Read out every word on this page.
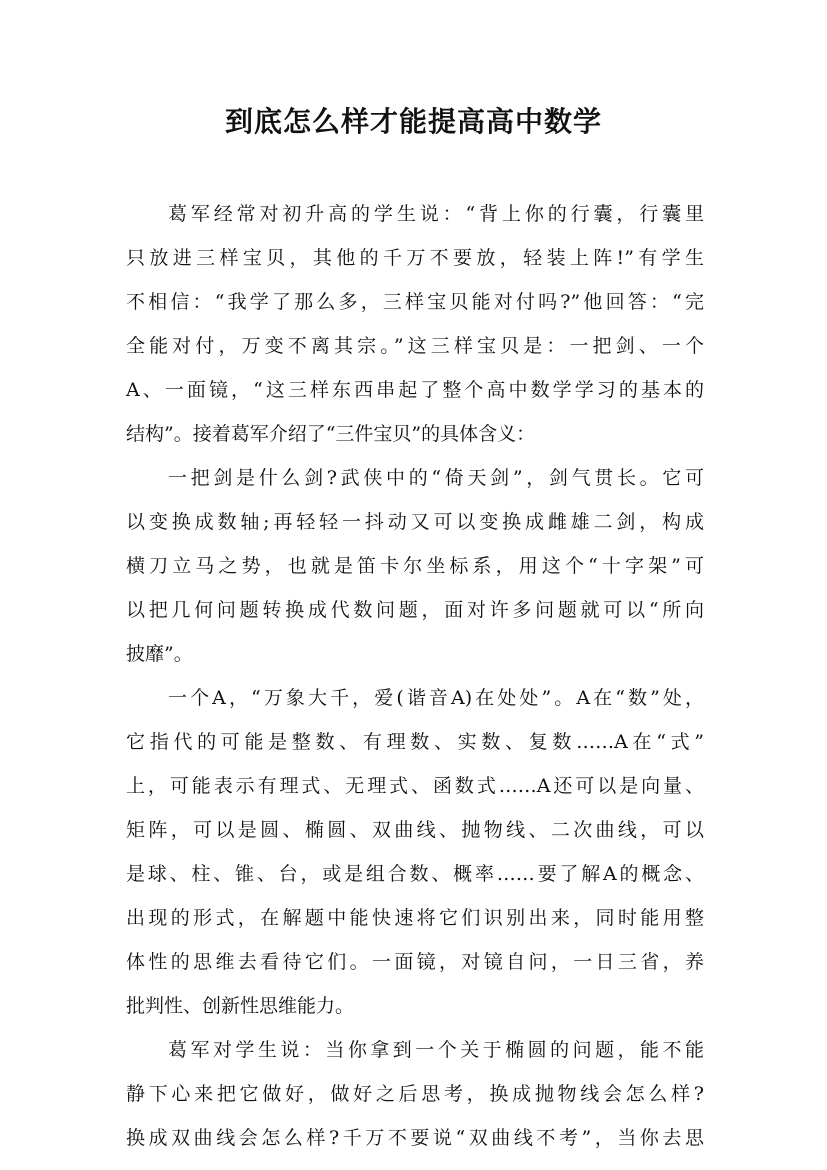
到底怎么样才能提高高中数学
葛军经常对初升高的学生说：“背上你的行囊，行囊里
只放进三样宝贝，其他的千万不要放，轻装上阵!”有学生
不相信：“我学了那么多，三样宝贝能对付吗?”他回答：“完
全能对付，万变不离其宗。”这三样宝贝是：一把剑、一个
A、一面镜，“这三样东西串起了整个高中数学学习的基本的
结构”。接着葛军介绍了“三件宝贝”的具体含义：
一把剑是什么剑?武侠中的“倚天剑”，剑气贯长。它可
以变换成数轴;再轻轻一抖动又可以变换成雌雄二剑，构成
横刀立马之势，也就是笛卡尔坐标系，用这个“十字架”可
以把几何问题转换成代数问题，面对许多问题就可以“所向
披靡”。
一个A，“万象大千，爱(谐音A)在处处”。A在“数”处，
它指代的可能是整数、有理数、实数、复数……A在“式”
上，可能表示有理式、无理式、函数式……A还可以是向量、
矩阵，可以是圆、椭圆、双曲线、抛物线、二次曲线，可以
是球、柱、锥、台，或是组合数、概率……要了解A的概念、
出现的形式，在解题中能快速将它们识别出来，同时能用整
体性的思维去看待它们。一面镜，对镜自问，一日三省，养
批判性、创新性思维能力。
葛军对学生说：当你拿到一个关于椭圆的问题，能不能
静下心来把它做好，做好之后思考，换成抛物线会怎么样?
换成双曲线会怎么样?千万不要说“双曲线不考”，当你去思
